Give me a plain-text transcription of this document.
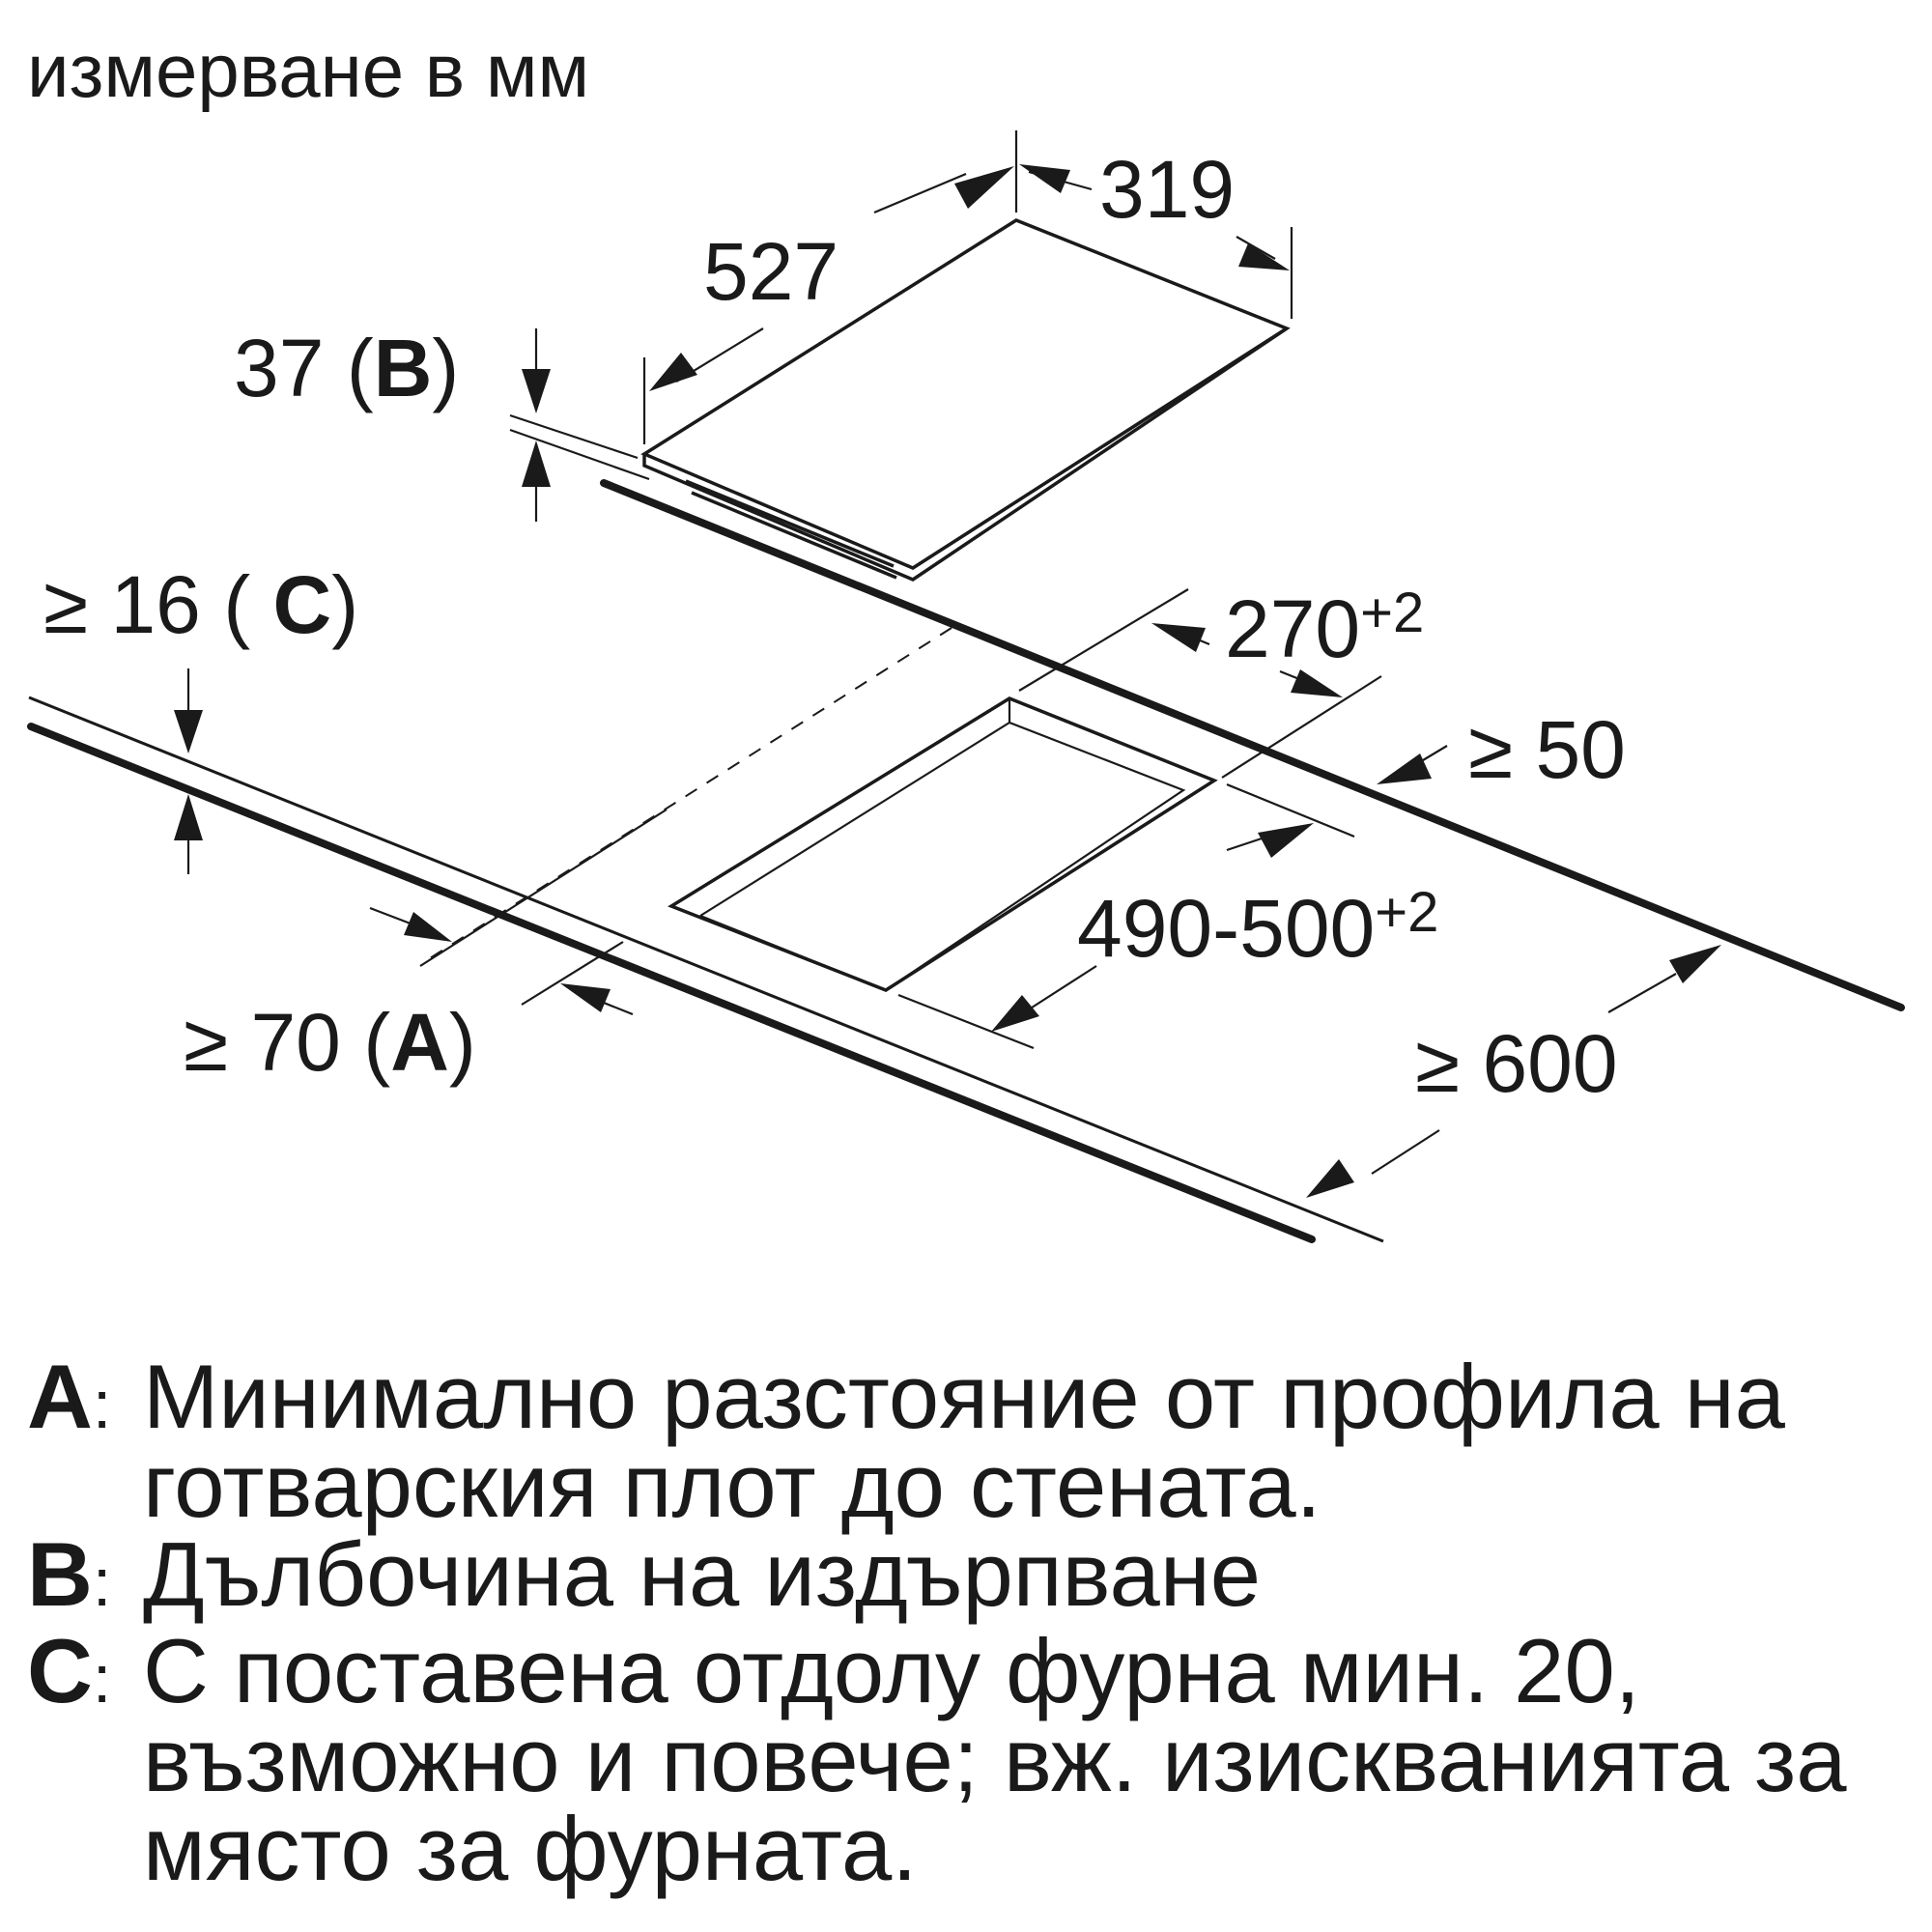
измерване в мм
319
527
37 (B)
≥ 16 ( C)	$270^{+2}$
≥ 50
$490-500^{+2}$
≥ 70 (A)	≥ 600
A: Минимално разстояние от профила на готварския плот до стената.
B: Дълбочина на издърпване
C: С поставена отдолу фурна мин. 20, възможно и повече; вж. изискванията за място за фурната.
